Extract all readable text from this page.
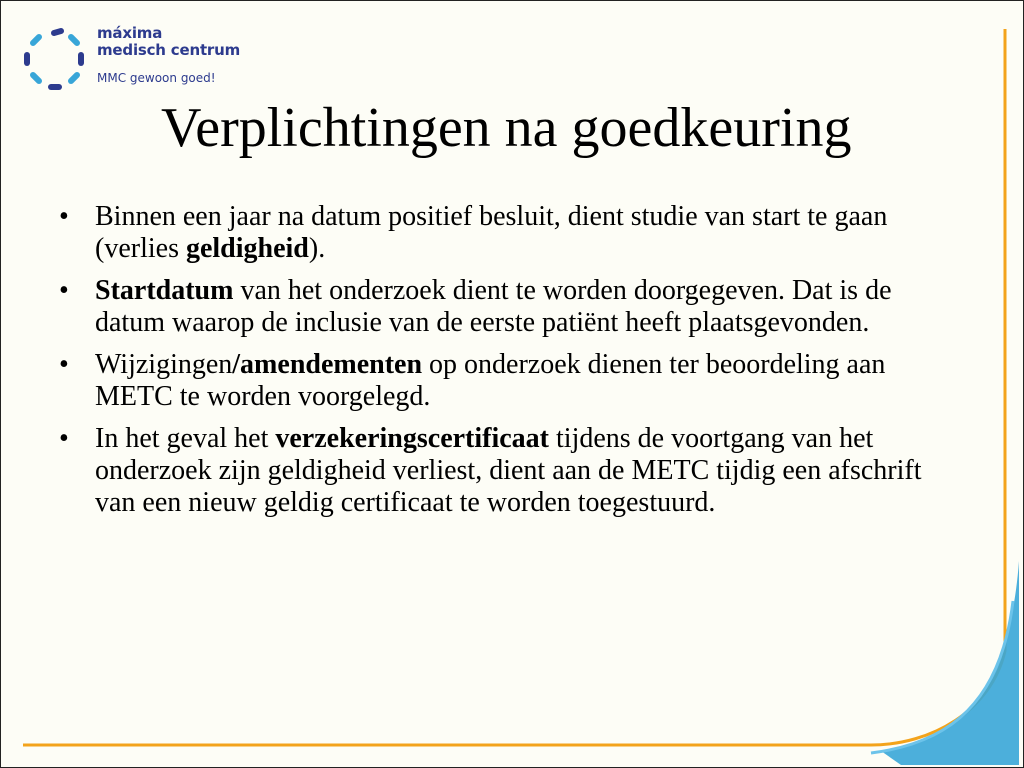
máxima
medisch centrum
MMC gewoon goed!
Verplichtingen na goedkeuring
• Binnen een jaar na datum positief besluit, dient studie van start te gaan (verlies geldigheid).
• Startdatum van het onderzoek dient te worden doorgegeven. Dat is de datum waarop de inclusie van de eerste patiënt heeft plaatsgevonden.
• Wijzigingen/amendementen op onderzoek dienen ter beoordeling aan METC te worden voorgelegd.
• In het geval het verzekeringscertificaat tijdens de voortgang van het onderzoek zijn geldigheid verliest, dient aan de METC tijdig een afschrift van een nieuw geldig certificaat te worden toegestuurd.
